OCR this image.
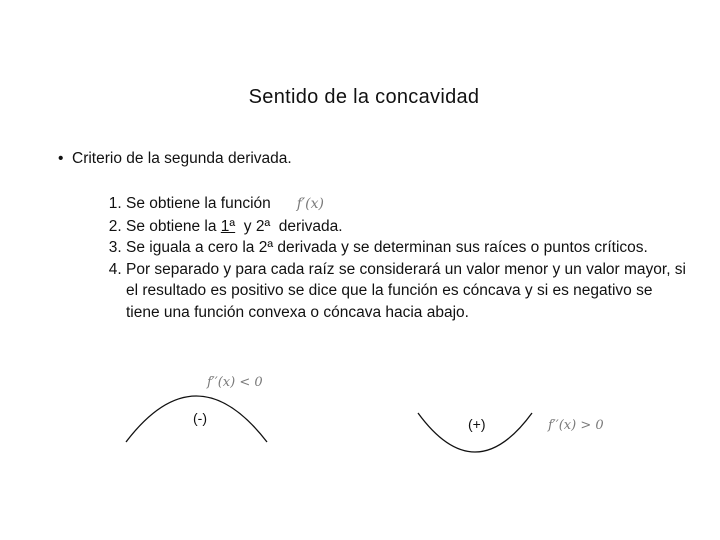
Sentido de la concavidad
• Criterio de la segunda derivada.
1. Se obtiene la función f′(x)
2. Se obtiene la 1ª  y 2ª  derivada.
3. Se iguala a cero la 2ª derivada y se determinan sus raíces o puntos críticos.
4. Por separado y para cada raíz se considerará un valor menor y un valor mayor, si el resultado es positivo se dice que la función es cóncava y si es negativo se tiene una función convexa o cóncava hacia abajo.
f′′(x) < 0
(-)	(+)	f′′(x) > 0
